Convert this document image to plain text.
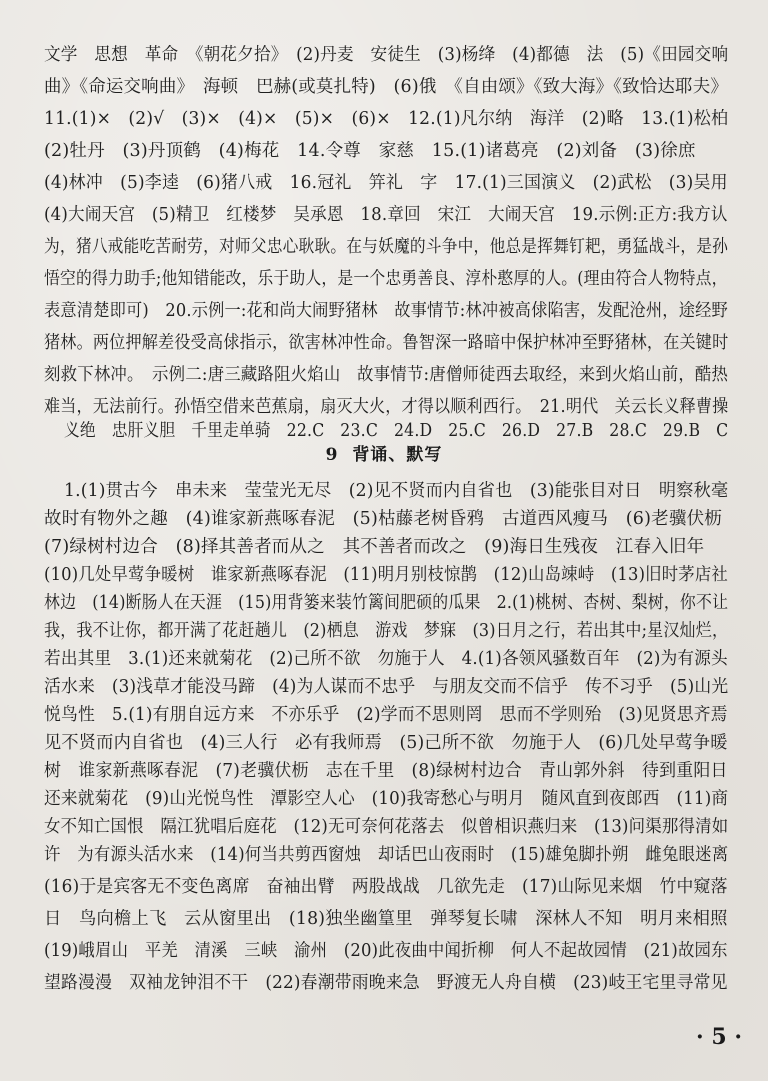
文学　思想　革命　《朝花夕拾》　(2)丹麦　安徒生　(3)杨绛　(4)都德　法　(5)《田园交响
曲》《命运交响曲》　海顿　巴赫(或莫扎特)　(6)俄　《自由颂》《致大海》《致恰达耶夫》
11.(1)×　(2)√　(3)×　(4)×　(5)×　(6)×　12.(1)凡尔纳　海洋　(2)略　13.(1)松柏
(2)牡丹　(3)丹顶鹤　(4)梅花　14.令尊　家慈　15.(1)诸葛亮　(2)刘备　(3)徐庶
(4)林冲　(5)李逵　(6)猪八戒　16.冠礼　笄礼　字　17.(1)三国演义　(2)武松　(3)吴用
(4)大闹天宫　(5)精卫　红楼梦　吴承恩　18.章回　宋江　大闹天宫　19.示例:正方:我方认
为，猪八戒能吃苦耐劳，对师父忠心耿耿。在与妖魔的斗争中，他总是挥舞钉耙，勇猛战斗，是孙
悟空的得力助手;他知错能改，乐于助人，是一个忠勇善良、淳朴憨厚的人。(理由符合人物特点，
表意清楚即可)　20.示例一:花和尚大闹野猪林　故事情节:林冲被高俅陷害，发配沧州，途经野
猪林。两位押解差役受高俅指示，欲害林冲性命。鲁智深一路暗中保护林冲至野猪林，在关键时
刻救下林冲。　示例二:唐三藏路阻火焰山　故事情节:唐僧师徒西去取经，来到火焰山前，酷热
难当，无法前行。孙悟空借来芭蕉扇，扇灭大火，才得以顺利西行。　21.明代　关云长义释曹操
义绝　忠肝义胆　千里走单骑　22.C　23.C　24.D　25.C　26.D　27.B　28.C　29.B　C
9 背诵、默写
1.(1)贯古今　串未来　莹莹光无尽　(2)见不贤而内自省也　(3)能张目对日　明察秋毫
故时有物外之趣　(4)谁家新燕啄春泥　(5)枯藤老树昏鸦　古道西风瘦马　(6)老骥伏枥
(7)绿树村边合　(8)择其善者而从之　其不善者而改之　(9)海日生残夜　江春入旧年
(10)几处早莺争暖树　谁家新燕啄春泥　(11)明月别枝惊鹊　(12)山岛竦峙　(13)旧时茅店社
林边　(14)断肠人在天涯　(15)用背篓来装竹篱间肥硕的瓜果　2.(1)桃树、杏树、梨树，你不让
我，我不让你，都开满了花赶趟儿　(2)栖息　游戏　梦寐　(3)日月之行，若出其中;星汉灿烂，
若出其里　3.(1)还来就菊花　(2)己所不欲　勿施于人　4.(1)各领风骚数百年　(2)为有源头
活水来　(3)浅草才能没马蹄　(4)为人谋而不忠乎　与朋友交而不信乎　传不习乎　(5)山光
悦鸟性　5.(1)有朋自远方来　不亦乐乎　(2)学而不思则罔　思而不学则殆　(3)见贤思齐焉
见不贤而内自省也　(4)三人行　必有我师焉　(5)己所不欲　勿施于人　(6)几处早莺争暖
树　谁家新燕啄春泥　(7)老骥伏枥　志在千里　(8)绿树村边合　青山郭外斜　待到重阳日
还来就菊花　(9)山光悦鸟性　潭影空人心　(10)我寄愁心与明月　随风直到夜郎西　(11)商
女不知亡国恨　隔江犹唱后庭花　(12)无可奈何花落去　似曾相识燕归来　(13)问渠那得清如
许　为有源头活水来　(14)何当共剪西窗烛　却话巴山夜雨时　(15)雄兔脚扑朔　雌兔眼迷离
(16)于是宾客无不变色离席　奋袖出臂　两股战战　几欲先走　(17)山际见来烟　竹中窥落
日　鸟向檐上飞　云从窗里出　(18)独坐幽篁里　弹琴复长啸　深林人不知　明月来相照
(19)峨眉山　平羌　清溪　三峡　渝州　(20)此夜曲中闻折柳　何人不起故园情　(21)故园东
望路漫漫　双袖龙钟泪不干　(22)春潮带雨晚来急　野渡无人舟自横　(23)岐王宅里寻常见
· 5 ·
